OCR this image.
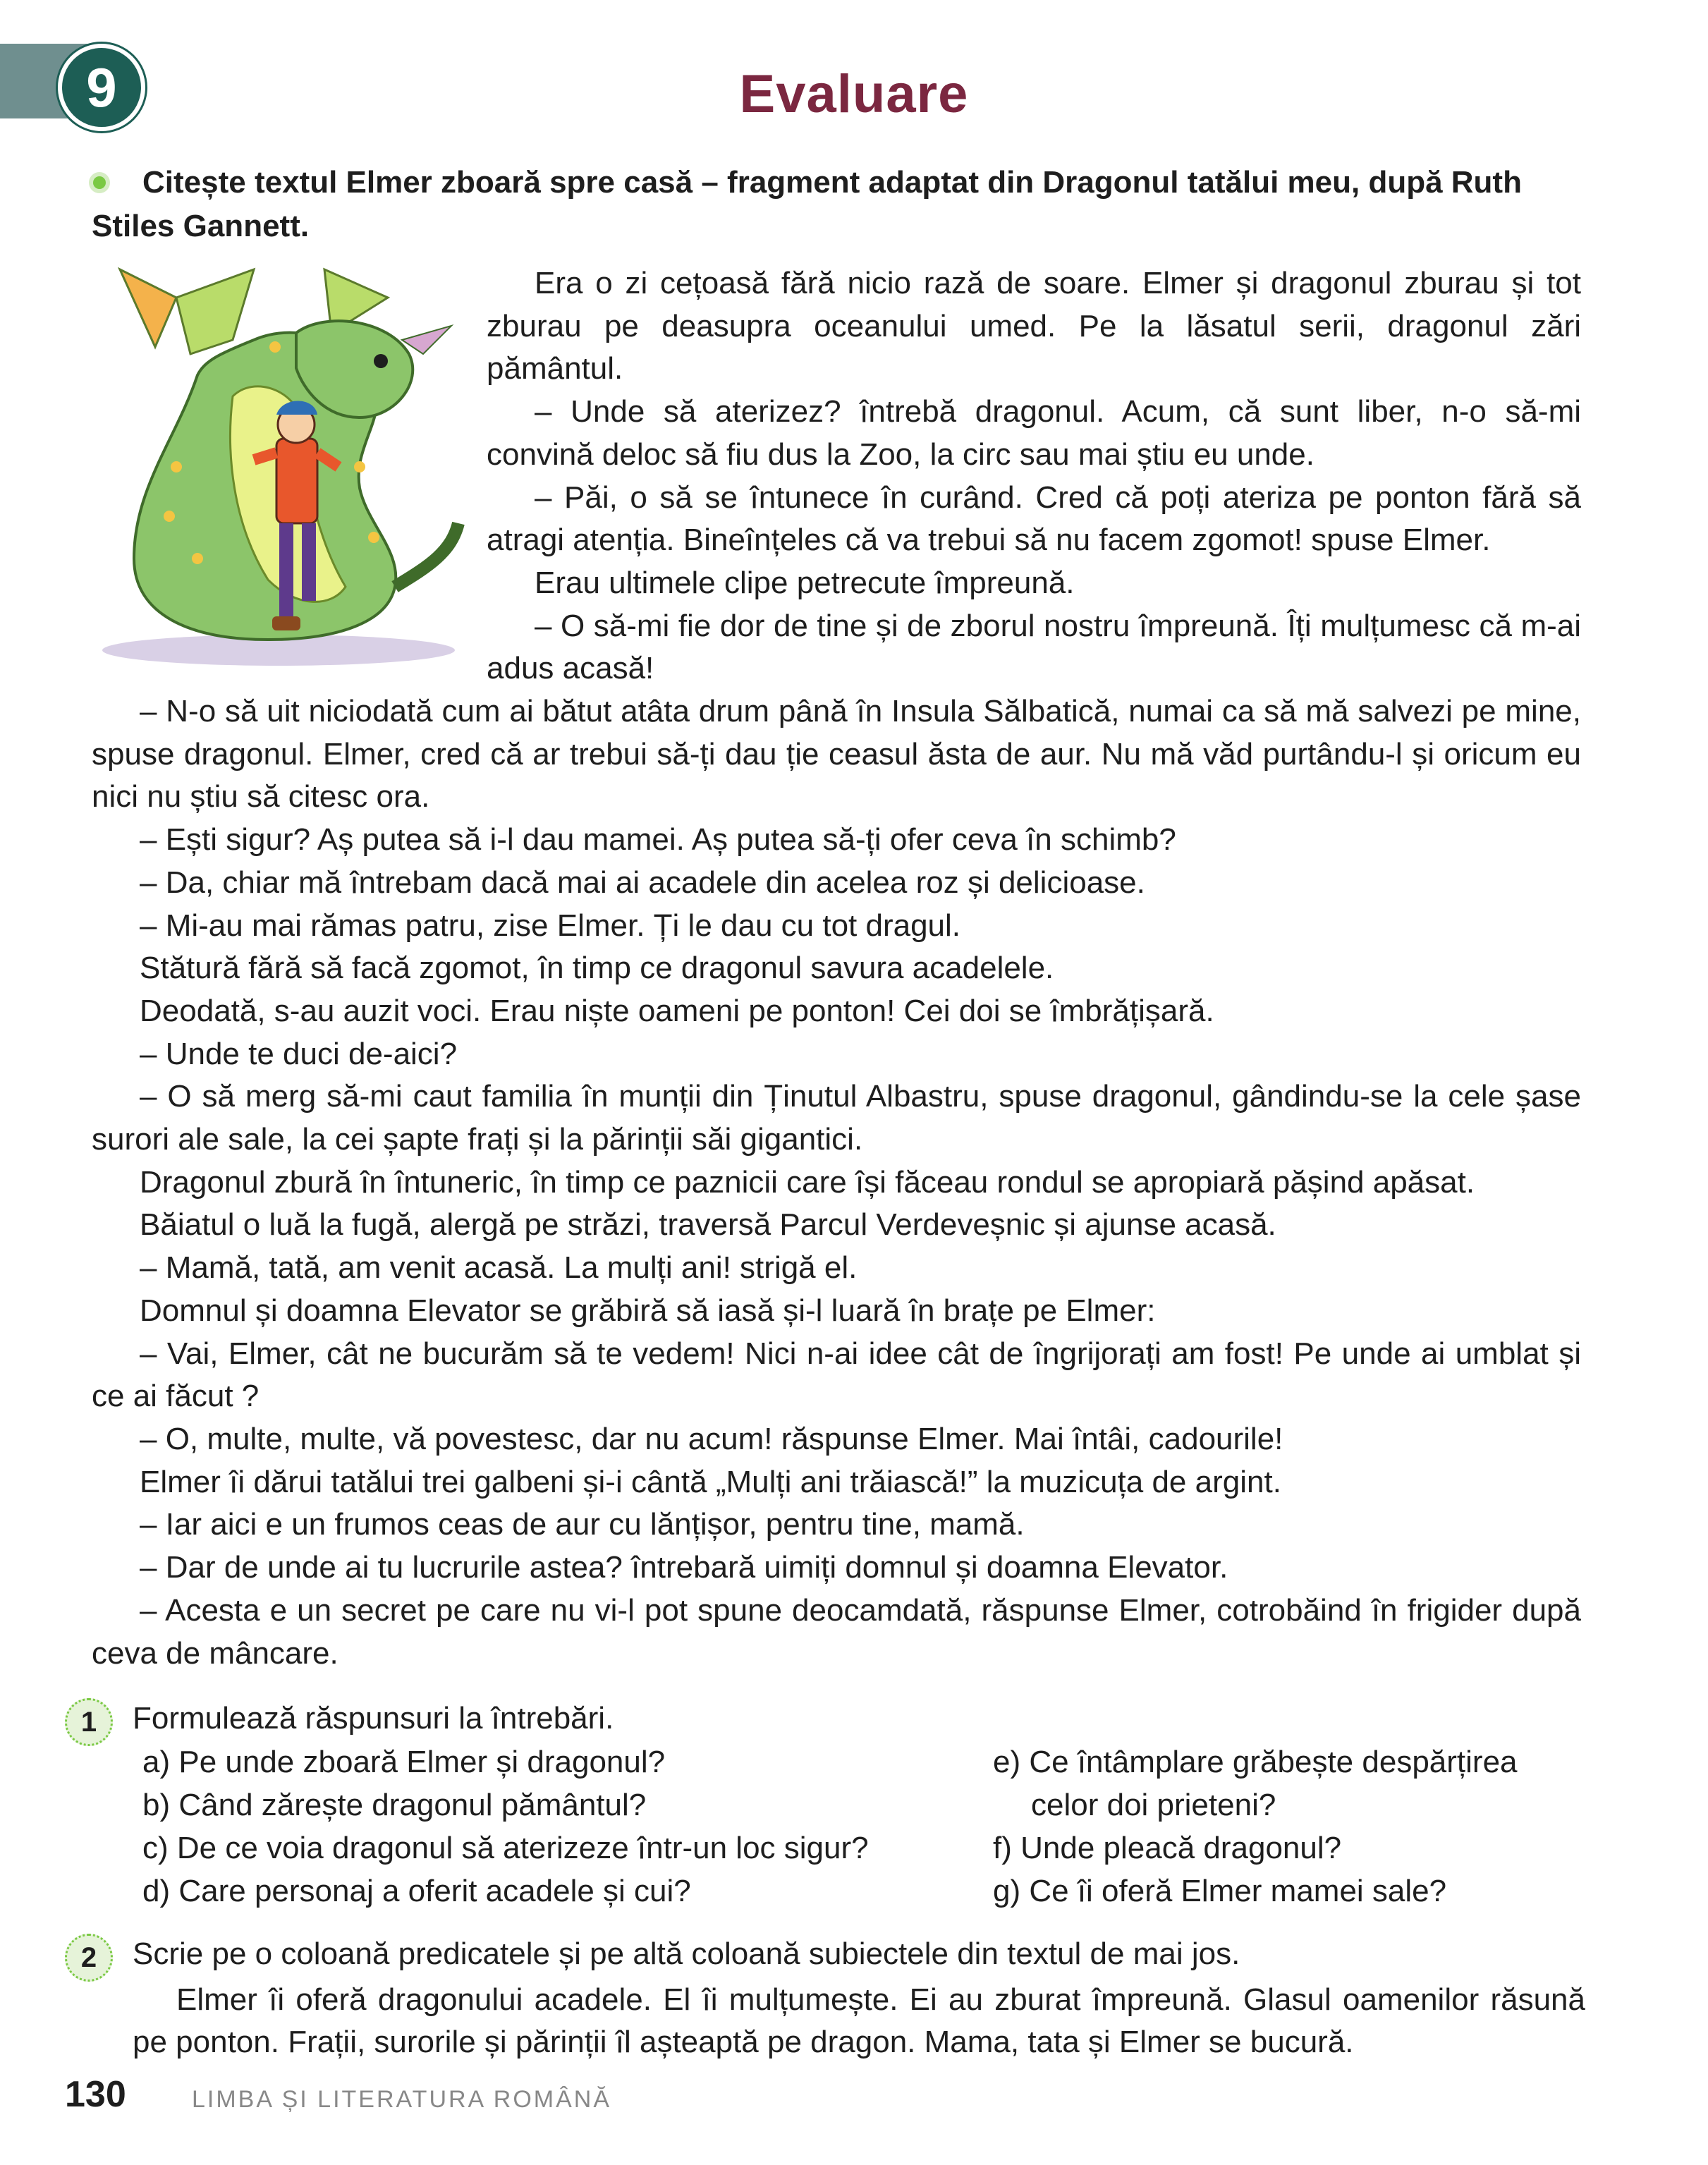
9	Evaluare
Citește textul Elmer zboară spre casă – fragment adaptat din Dragonul tatălui meu, după Ruth Stiles Gannett.

Era o zi cețoasă fără nicio rază de soare. Elmer și dragonul zburau și tot zburau pe deasupra oceanului umed. Pe la lăsatul serii, dragonul zări pământul.

– Unde să aterizez? întrebă dragonul. Acum, că sunt liber, n-o să-mi convină deloc să fiu dus la Zoo, la circ sau mai știu eu unde.

– Păi, o să se întunece în curând. Cred că poți ateriza pe ponton fără să atragi atenția. Bineînțeles că va trebui să nu facem zgomot! spuse Elmer.

Erau ultimele clipe petrecute împreună.

– O să-mi fie dor de tine și de zborul nostru împreună. Îți mulțumesc că m-ai adus acasă!

– N-o să uit niciodată cum ai bătut atâta drum până în Insula Sălbatică, numai ca să mă salvezi pe mine, spuse dragonul. Elmer, cred că ar trebui să-ți dau ție ceasul ăsta de aur. Nu mă văd purtându-l și oricum eu nici nu știu să citesc ora.

– Ești sigur? Aș putea să i-l dau mamei. Aș putea să-ți ofer ceva în schimb?

– Da, chiar mă întrebam dacă mai ai acadele din acelea roz și delicioase.

– Mi-au mai rămas patru, zise Elmer. Ți le dau cu tot dragul.

Stătură fără să facă zgomot, în timp ce dragonul savura acadelele.

Deodată, s-au auzit voci. Erau niște oameni pe ponton! Cei doi se îmbrățișară.

– Unde te duci de-aici?

– O să merg să-mi caut familia în munții din Ținutul Albastru, spuse dragonul, gândindu-se la cele șase surori ale sale, la cei șapte frați și la părinții săi gigantici.

Dragonul zbură în întuneric, în timp ce paznicii care își făceau rondul se apropiară pășind apăsat.

Băiatul o luă la fugă, alergă pe străzi, traversă Parcul Verdeveșnic și ajunse acasă.

– Mamă, tată, am venit acasă. La mulți ani! strigă el.

Domnul și doamna Elevator se grăbiră să iasă și-l luară în brațe pe Elmer:

– Vai, Elmer, cât ne bucurăm să te vedem! Nici n-ai idee cât de îngrijorați am fost! Pe unde ai umblat și ce ai făcut ?

– O, multe, multe, vă povestesc, dar nu acum! răspunse Elmer. Mai întâi, cadourile!

Elmer îi dărui tatălui trei galbeni și-i cântă „Mulți ani trăiască!” la muzicuța de argint.

– Iar aici e un frumos ceas de aur cu lănțișor, pentru tine, mamă.

– Dar de unde ai tu lucrurile astea? întrebară uimiți domnul și doamna Elevator.

– Acesta e un secret pe care nu vi-l pot spune deocamdată, răspunse Elmer, cotrobăind în frigider după ceva de mâncare.

1	Formulează răspunsuri la întrebări.
a) Pe unde zboară Elmer și dragonul?
b) Când zărește dragonul pământul?
c) De ce voia dragonul să aterizeze într-un loc sigur?
d) Care personaj a oferit acadele și cui?
e) Ce întâmplare grăbește despărțirea
celor doi prieteni?
f) Unde pleacă dragonul?
g) Ce îi oferă Elmer mamei sale?
2	Scrie pe o coloană predicatele și pe altă coloană subiectele din textul de mai jos.
Elmer îi oferă dragonului acadele. El îi mulțumește. Ei au zburat împreună. Glasul oamenilor răsună pe ponton. Frații, surorile și părinții îl așteaptă pe dragon. Mama, tata și Elmer se bucură.
130	LIMBA ȘI LITERATURA ROMÂNĂ
